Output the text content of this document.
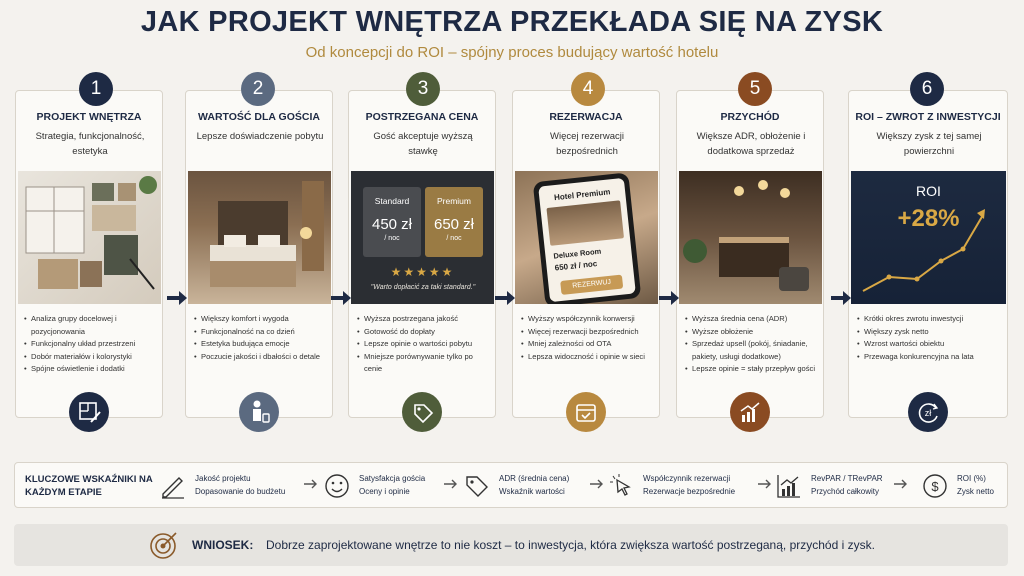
JAK PROJEKT WNĘTRZA PRZEKŁADA SIĘ NA ZYSK
Od koncepcji do ROI – spójny proces budujący wartość hotelu
1
PROJEKT WNĘTRZA
Strategia, funkcjonalność, estetyka
• Analiza grupy docelowej i pozycjonowania
• Funkcjonalny układ przestrzeni
• Dobór materiałów i kolorystyki
• Spójne oświetlenie i dodatki
2
WARTOŚĆ DLA GOŚCIA
Lepsze doświadczenie pobytu
• Większy komfort i wygoda
• Funkcjonalność na co dzień
• Estetyka budująca emocje
• Poczucie jakości i dbałości o detale
3
POSTRZEGANA CENA
Gość akceptuje wyższą stawkę
Standard
450 zł
/ noc
Premium
650 zł
/ noc
★★★★★
"Warto dopłacić za taki standard."
• Wyższa postrzegana jakość
• Gotowość do dopłaty
• Lepsze opinie o wartości pobytu
• Mniejsze porównywanie tylko po cenie
4
REZERWACJA
Więcej rezerwacji bezpośrednich
Hotel Premium
Deluxe Room
650 zł / noc
REZERWUJ
• Wyższy współczynnik konwersji
• Więcej rezerwacji bezpośrednich
• Mniej zależności od OTA
• Lepsza widoczność i opinie w sieci
5
PRZYCHÓD
Większe ADR, obłożenie i dodatkowa sprzedaż
• Wyższa średnia cena (ADR)
• Wyższe obłożenie
• Sprzedaż upsell (pokój, śniadanie, pakiety, usługi dodatkowe)
• Lepsze opinie = stały przepływ gości
6
ROI – ZWROT Z INWESTYCJI
Większy zysk z tej samej powierzchni
ROI
+28%
• Krótki okres zwrotu inwestycji
• Większy zysk netto
• Wzrost wartości obiektu
• Przewaga konkurencyjna na lata
zł
KLUCZOWE WSKAŹNIKI NA KAŻDYM ETAPIE
Jakość projektu
Dopasowanie do budżetu
Satysfakcja gościa
Oceny i opinie
ADR (średnia cena)
Wskaźnik wartości
Współczynnik rezerwacji
Rezerwacje bezpośrednie
RevPAR / TRevPAR
Przychód całkowity	$
ROI (%)
Zysk netto
WNIOSEK: Dobrze zaprojektowane wnętrze to nie koszt – to inwestycja, która zwiększa wartość postrzeganą, przychód i zysk.
